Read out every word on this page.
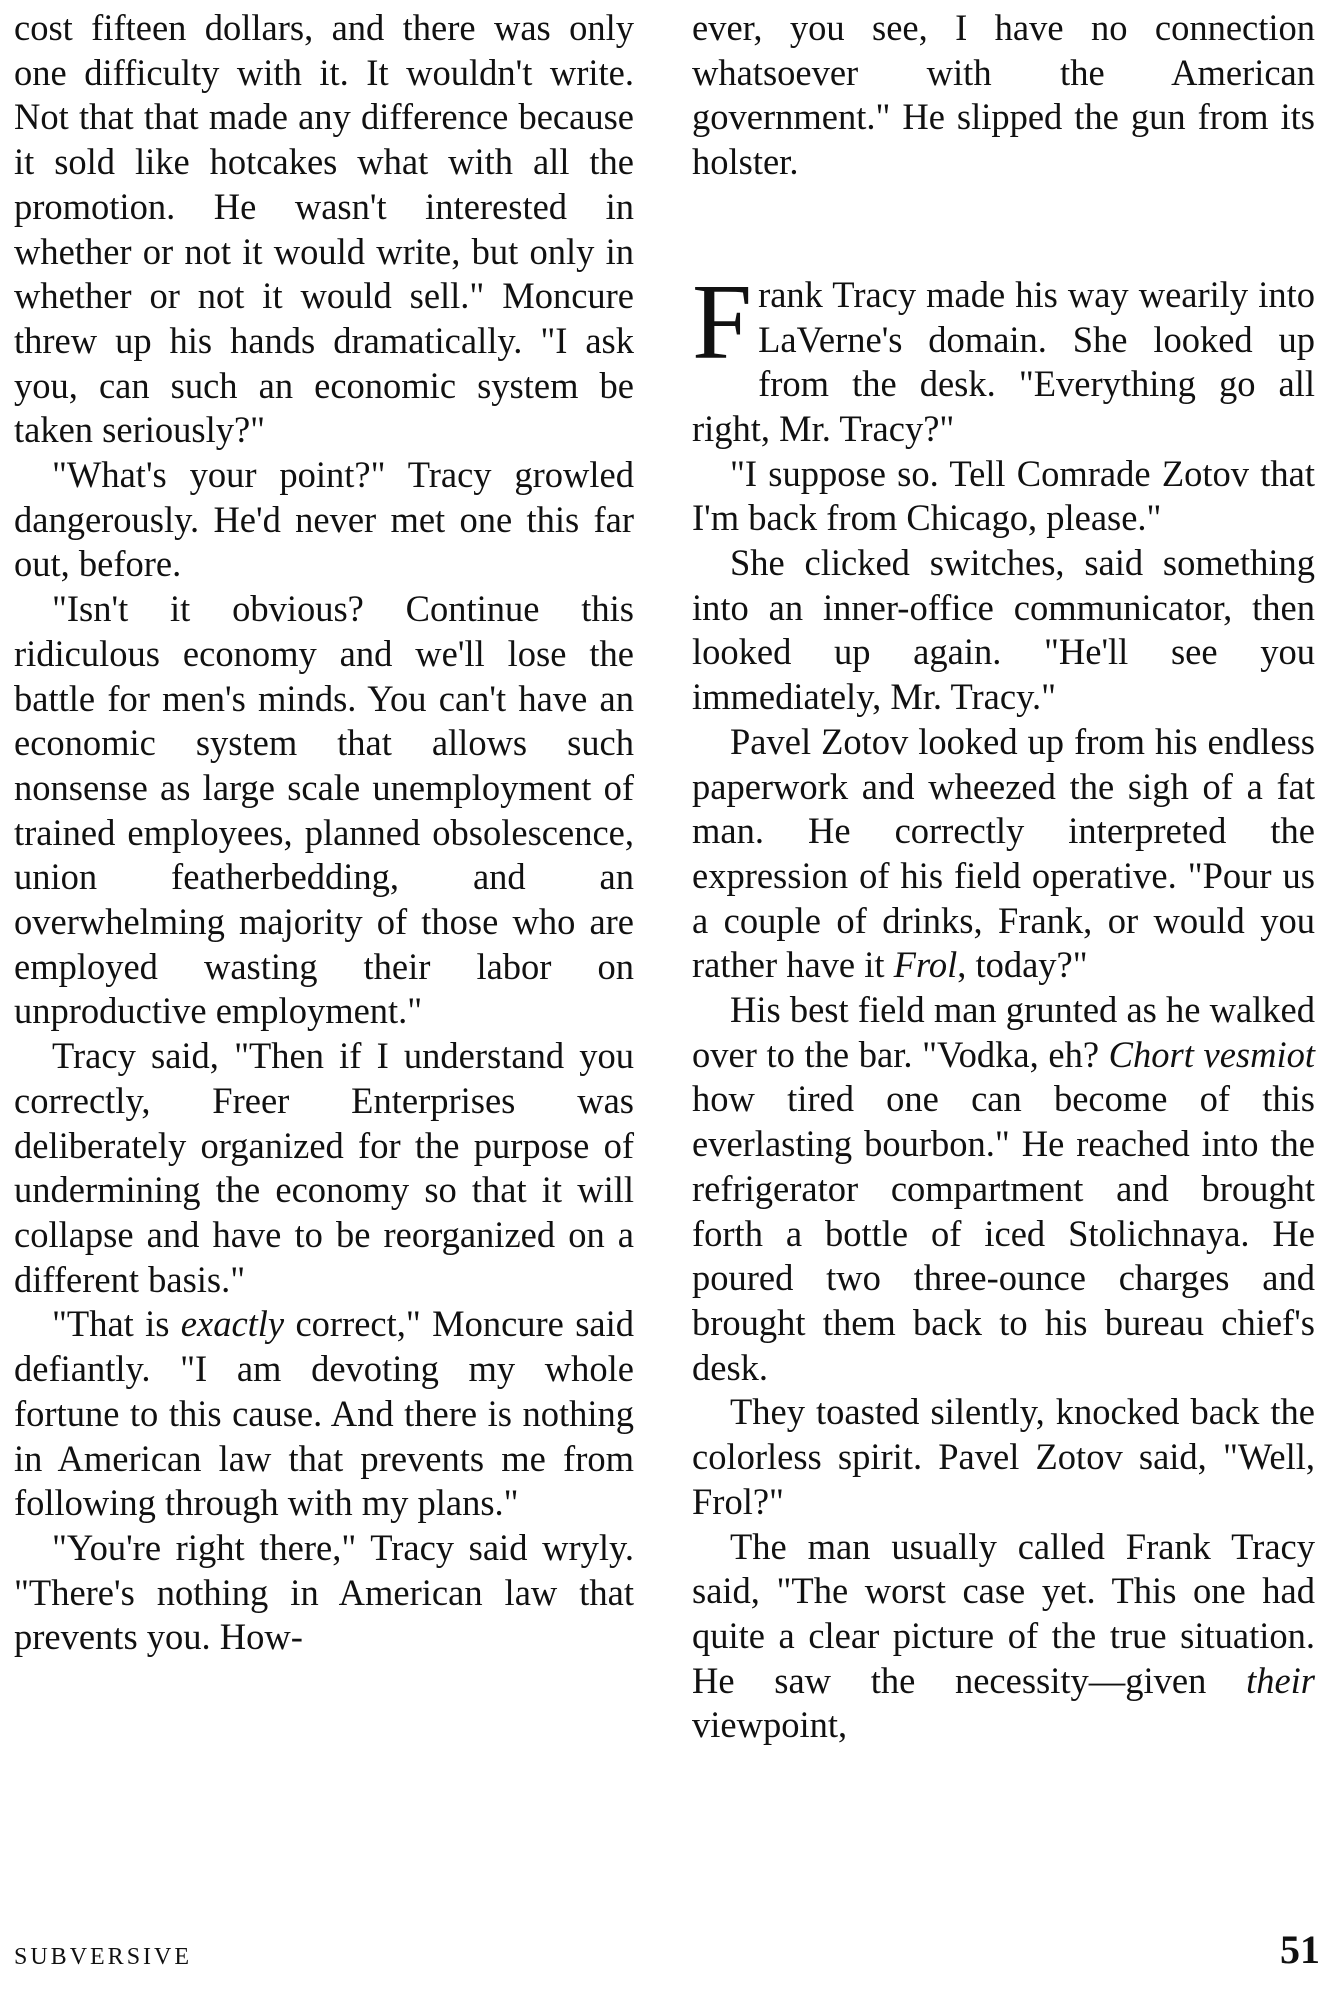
cost fifteen dollars, and there was only one difficulty with it. It wouldn't write. Not that that made any difference because it sold like hotcakes what with all the promotion. He wasn't interested in whether or not it would write, but only in whether or not it would sell." Moncure threw up his hands dramatically. "I ask you, can such an economic system be taken seriously?"

"What's your point?" Tracy growled dangerously. He'd never met one this far out, before.

"Isn't it obvious? Continue this ridiculous economy and we'll lose the battle for men's minds. You can't have an economic system that allows such nonsense as large scale unemployment of trained employees, planned obsolescence, union featherbedding, and an overwhelming majority of those who are employed wasting their labor on unproductive employment."

Tracy said, "Then if I understand you correctly, Freer Enterprises was deliberately organized for the purpose of undermining the economy so that it will collapse and have to be reorganized on a different basis."

"That is exactly correct," Moncure said defiantly. "I am devoting my whole fortune to this cause. And there is nothing in American law that prevents me from following through with my plans."

"You're right there," Tracy said wryly. "There's nothing in American law that prevents you. How-

ever, you see, I have no connection whatsoever with the American government." He slipped the gun from its holster.

Frank Tracy made his way wearily into LaVerne's domain. She looked up from the desk. "Everything go all right, Mr. Tracy?"

"I suppose so. Tell Comrade Zotov that I'm back from Chicago, please."

She clicked switches, said something into an inner-office communicator, then looked up again. "He'll see you immediately, Mr. Tracy."

Pavel Zotov looked up from his endless paperwork and wheezed the sigh of a fat man. He correctly interpreted the expression of his field operative. "Pour us a couple of drinks, Frank, or would you rather have it Frol, today?"

His best field man grunted as he walked over to the bar. "Vodka, eh? Chort vesmiot how tired one can become of this everlasting bourbon." He reached into the refrigerator compartment and brought forth a bottle of iced Stolichnaya. He poured two three-ounce charges and brought them back to his bureau chief's desk.

They toasted silently, knocked back the colorless spirit. Pavel Zotov said, "Well, Frol?"

The man usually called Frank Tracy said, "The worst case yet. This one had quite a clear picture of the true situation. He saw the necessity—given their viewpoint,

SUBVERSIVE	51
